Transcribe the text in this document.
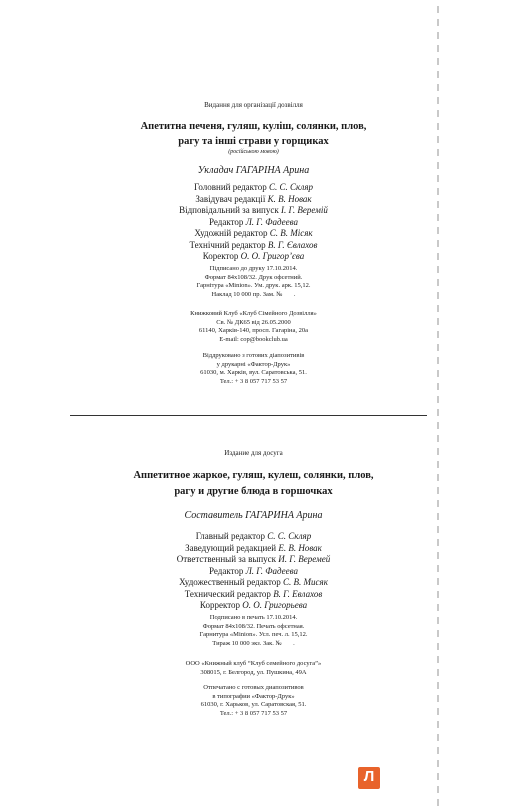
Видання для організації дозвілля
Апетитна печеня, гуляш, куліш, солянки, плов,
рагу та інші страви у горщиках
(російською мовою)
Укладач ГАГАРІНА Арина
Головний редактор С. С. Скляр
Завідувач редакції К. В. Новак
Відповідальний за випуск І. Г. Веремій
Редактор Л. Г. Фадеева
Художній редактор С. В. Місяк
Технічний редактор В. Г. Євлахов
Коректор О. О. Григор’єва
Підписано до друку 17.10.2014.
Формат 84x108/32. Друк офсетний.
Гарнітура «Minion». Ум. друк. арк. 15,12.
Наклад 10 000 пр. Зам. №       .
Книжковий Клуб «Клуб Сімейного Дозвілля»
Св. № ДК65 від 26.05.2000
61140, Харків-140, просп. Гагаріна, 20а
E-mail: cop@bookclub.ua
Віддруковано з готових діапозитивів
у друкарні «Фактор-Друк»
61030, м. Харків, вул. Саратовська, 51.
Тел.: + 3 8 057 717 53 57
Издание для досуга
Аппетитное жаркое, гуляш, кулеш, солянки, плов,
рагу и другие блюда в горшочках
Составитель ГАГАРИНА Арина
Главный редактор С. С. Скляр
Заведующий редакцией Е. В. Новак
Ответственный за выпуск И. Г. Веремей
Редактор Л. Г. Фадеева
Художественный редактор С. В. Мисяк
Технический редактор В. Г. Евлахов
Корректор О. О. Григорьева
Подписано в печать 17.10.2014.
Формат 84x108/32. Печать офсетная.
Гарнитура «Minion». Усл. печ. л. 15,12.
Тираж 10 000 экз. Зак. №       .
ООО «Книжный клуб “Клуб семейного досуга”»
308015, г. Белгород, ул. Пушкина, 49А
Отпечатано с готовых диапозитивов
в типографии «Фактор-Друк»
61030, г. Харьков, ул. Саратовская, 51.
Тел.: + 3 8 057 717 53 57
Л
